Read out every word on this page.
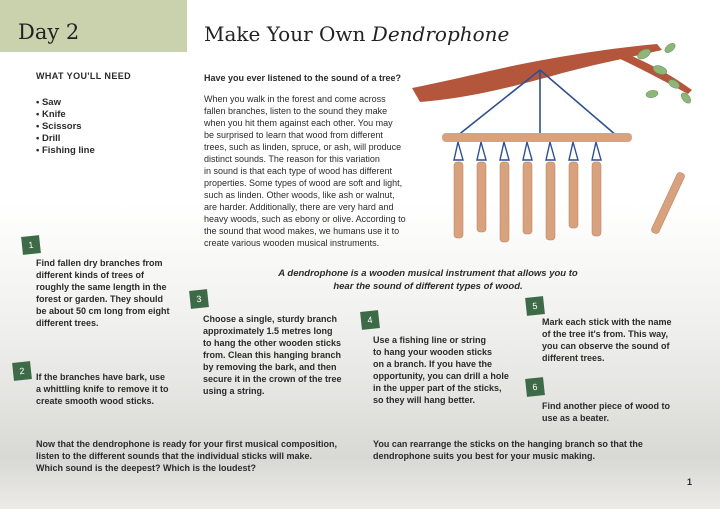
Day 2	Make Your Own Dendrophone
WHAT YOU'LL NEED
• Saw
• Knife
• Scissors
• Drill
• Fishing line
Have you ever listened to the sound of a tree?
When you walk in the forest and come across
fallen branches, listen to the sound they make
when you hit them against each other. You may
be surprised to learn that wood from different
trees, such as linden, spruce, or ash, will produce
distinct sounds. The reason for this variation
in sound is that each type of wood has different
properties. Some types of wood are soft and light,
such as linden. Other woods, like ash or walnut,
are harder. Additionally, there are very hard and
heavy woods, such as ebony or olive. According to
the sound that wood makes, we humans use it to
create various wooden musical instruments.
A dendrophone is a wooden musical instrument that allows you to
hear the sound of different types of wood.
1
2
3
4
5
6
Find fallen dry branches from
different kinds of trees of
roughly the same length in the
forest or garden. They should
be about 50 cm long from eight
different trees.
If the branches have bark, use
a whittling knife to remove it to
create smooth wood sticks.
Choose a single, sturdy branch
approximately 1.5 metres long
to hang the other wooden sticks
from. Clean this hanging branch
by removing the bark, and then
secure it in the crown of the tree
using a string.
Use a fishing line or string
to hang your wooden sticks
on a branch. If you have the
opportunity, you can drill a hole
in the upper part of the sticks,
so they will hang better.
Mark each stick with the name
of the tree it's from. This way,
you can observe the sound of
different trees.
Find another piece of wood to
use as a beater.
Now that the dendrophone is ready for your first musical composition,
listen to the different sounds that the individual sticks will make.
Which sound is the deepest? Which is the loudest?
You can rearrange the sticks on the hanging branch so that the
dendrophone suits you best for your music making.
1
